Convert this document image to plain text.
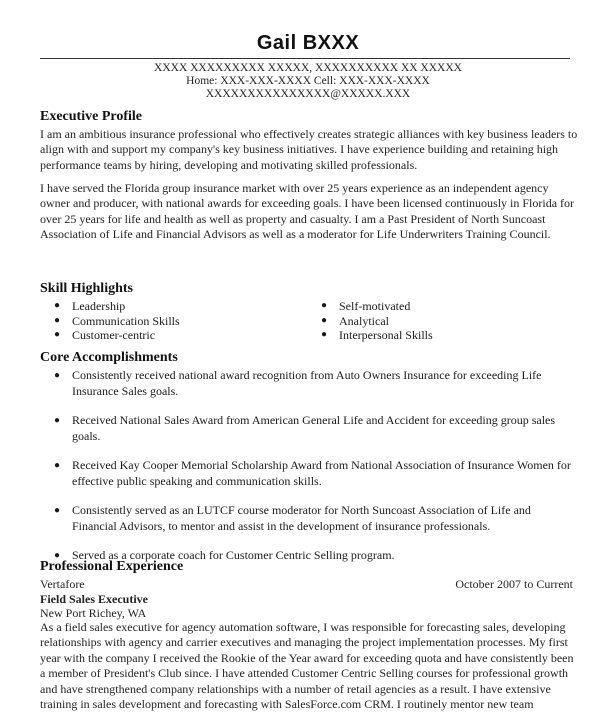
Gail BXXX
XXXX XXXXXXXXX XXXXX, XXXXXXXXXX XX XXXXX
Home: XXX-XXX-XXXX Cell: XXX-XXX-XXXX
XXXXXXXXXXXXXXX@XXXXX.XXX
Executive Profile
I am an ambitious insurance professional who effectively creates strategic alliances with key business leaders to align with and support my company's key business initiatives. I have experience building and retaining high performance teams by hiring, developing and motivating skilled professionals.
I have served the Florida group insurance market with over 25 years experience as an independent agency owner and producer, with national awards for exceeding goals. I have been licensed continuously in Florida for over 25 years for life and health as well as property and casualty. I am a Past President of North Suncoast Association of Life and Financial Advisors as well as a moderator for Life Underwriters Training Council.
Skill Highlights
● Leadership
● Communication Skills
● Customer-centric
● Self-motivated
● Analytical
● Interpersonal Skills
Core Accomplishments
● Consistently received national award recognition from Auto Owners Insurance for exceeding Life Insurance Sales goals.
● Received National Sales Award from American General Life and Accident for exceeding group sales goals.
● Received Kay Cooper Memorial Scholarship Award from National Association of Insurance Women for effective public speaking and communication skills.
● Consistently served as an LUTCF course moderator for North Suncoast Association of Life and Financial Advisors, to mentor and assist in the development of insurance professionals.
● Served as a corporate coach for Customer Centric Selling program.
Professional Experience
Vertafore	October 2007 to Current
Field Sales Executive
New Port Richey, WA
As a field sales executive for agency automation software, I was responsible for forecasting sales, developing relationships with agency and carrier executives and managing the project implementation processes. My first year with the company I received the Rookie of the Year award for exceeding quota and have consistently been a member of President's Club since. I have attended Customer Centric Selling courses for professional growth and have strengthened company relationships with a number of retail agencies as a result. I have extensive training in sales development and forecasting with SalesForce.com CRM. I routinely mentor new team
